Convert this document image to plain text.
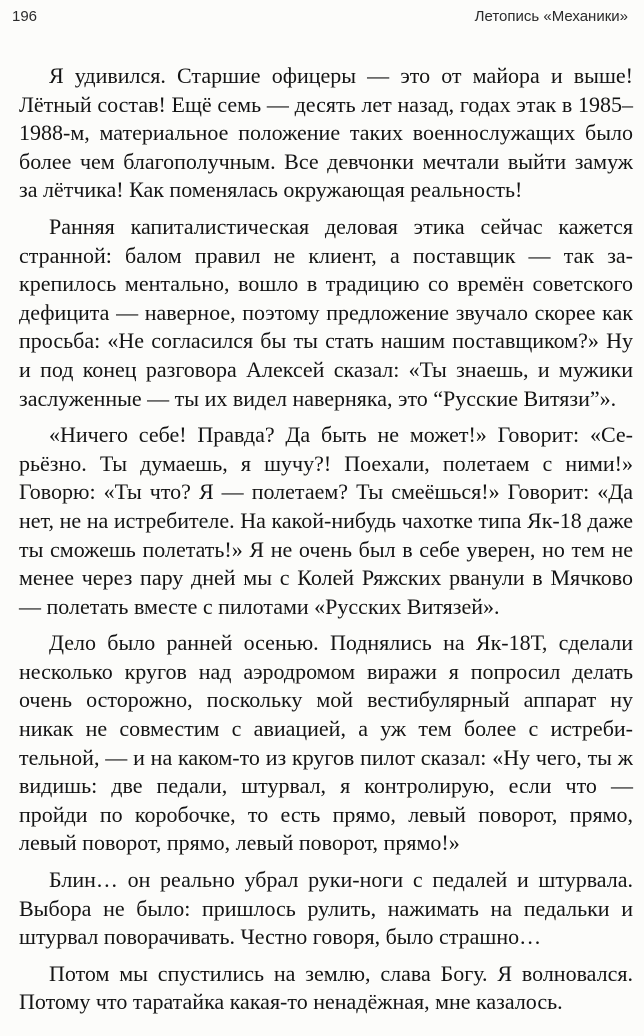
196	Летопись «Механики»

Я удивился. Старшие офицеры — это от майора и выше! Лётный состав! Ещё семь — десять лет назад, годах этак в 1985–1988-м, материальное положение таких военнослужащих было более чем благополучным. Все девчонки мечтали выйти замуж за лётчика! Как поменялась окружающая реальность!

Ранняя капиталистическая деловая этика сейчас кажется странной: балом правил не клиент, а поставщик — так закрепилось ментально, вошло в традицию со времён советского дефицита — наверное, поэтому предложение звучало скорее как просьба: «Не согласился бы ты стать нашим поставщиком?» Ну и под конец разговора Алексей сказал: «Ты знаешь, и мужики заслуженные — ты их видел наверняка, это “Русские Витязи”».

«Ничего себе! Правда? Да быть не может!» Говорит: «Серьёзно. Ты думаешь, я шучу?! Поехали, полетаем с ними!» Говорю: «Ты что? Я — полетаем? Ты смеёшься!» Говорит: «Да нет, не на истребителе. На какой-нибудь чахотке типа Як-18 даже ты сможешь полетать!» Я не очень был в себе уверен, но тем не менее через пару дней мы с Колей Ряжских рванули в Мячково — полетать вместе с пилотами «Русских Витязей».

Дело было ранней осенью. Поднялись на Як-18Т, сделали несколько кругов над аэродромом виражи я попросил делать очень осторожно, поскольку мой вестибулярный аппарат ну никак не совместим с авиацией, а уж тем более с истребительной, — и на каком-то из кругов пилот сказал: «Ну чего, ты ж видишь: две педали, штурвал, я контролирую, если что — пройди по коробочке, то есть прямо, левый поворот, прямо, левый поворот, прямо, левый поворот, прямо!»

Блин… он реально убрал руки-ноги с педалей и штурвала. Выбора не было: пришлось рулить, нажимать на педальки и штурвал поворачивать. Честно говоря, было страшно…

Потом мы спустились на землю, слава Богу. Я волновался. Потому что таратайка какая-то ненадёжная, мне казалось.
